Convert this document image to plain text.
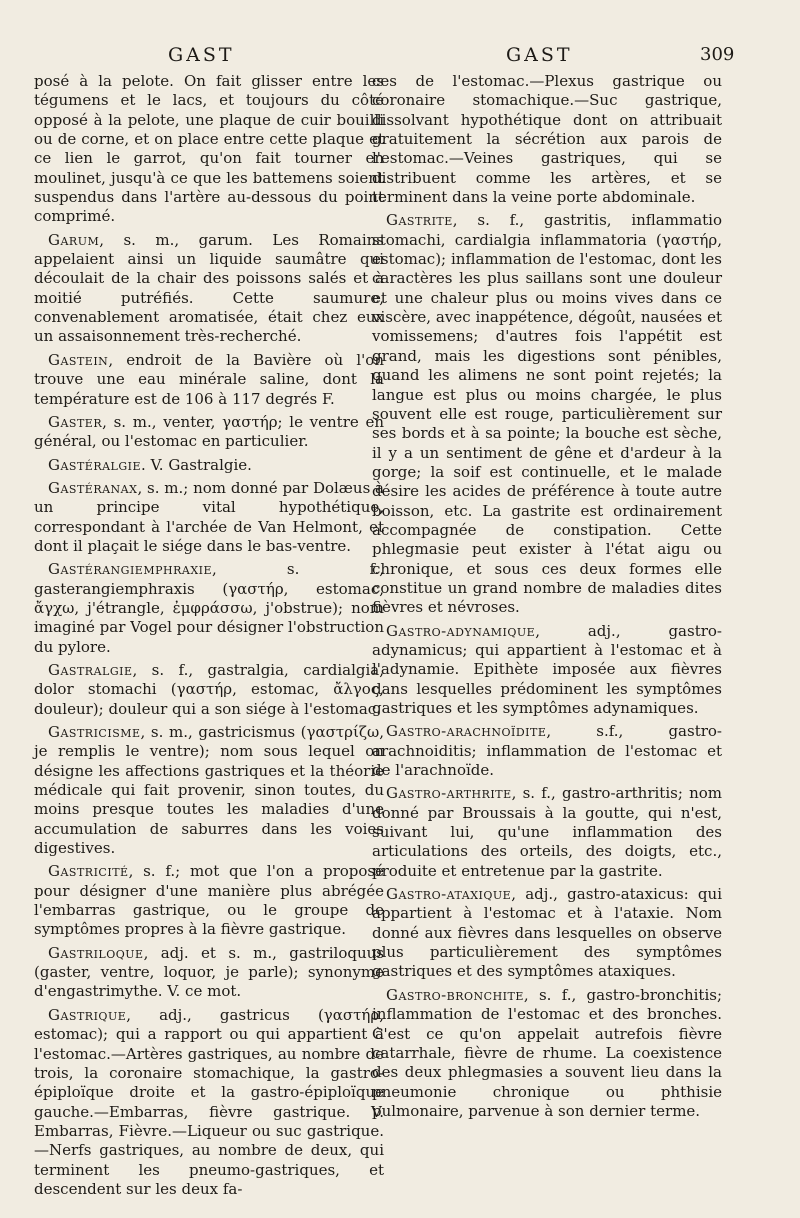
GAST	GAST	309

posé à la pelote. On fait glisser entre les tégumens et le lacs, et toujours du côté opposé à la pelote, une plaque de cuir bouilli ou de corne, et on place entre cette plaque et ce lien le garrot, qu'on fait tourner en moulinet, jusqu'à ce que les battemens soient suspendus dans l'artère au-dessous du point comprimé.

Garum, s. m., garum. Les Romains appelaient ainsi un liquide saumâtre qui découlait de la chair des poissons salés et à moitié putréfiés. Cette saumure, convenablement aromatisée, était chez eux un assaisonnement très-recherché.

Gastein, endroit de la Bavière où l'on trouve une eau minérale saline, dont la température est de 106 à 117 degrés F.

Gaster, s. m., venter, γαστήρ; le ventre en général, ou l'estomac en particulier.

Gastéralgie. V. Gastralgie.

Gastéranax, s. m.; nom donné par Dolæus à un principe vital hypothétique, correspondant à l'archée de Van Helmont, et dont il plaçait le siége dans le bas-ventre.

Gastérangiemphraxie, s. f., gasterangiemphraxis (γαστήρ, estomac, ἄγχω, j'étrangle, ἐμφράσσω, j'obstrue); nom imaginé par Vogel pour désigner l'obstruction du pylore.

Gastralgie, s. f., gastralgia, cardialgia, dolor stomachi (γαστήρ, estomac, ἄλγος, douleur); douleur qui a son siége à l'estomac.

Gastricisme, s. m., gastricismus (γαστρίζω, je remplis le ventre); nom sous lequel on désigne les affections gastriques et la théorie médicale qui fait provenir, sinon toutes, du moins presque toutes les maladies d'une accumulation de saburres dans les voies digestives.

Gastricité, s. f.; mot que l'on a proposé pour désigner d'une manière plus abrégée l'embarras gastrique, ou le groupe de symptômes propres à la fièvre gastrique.

Gastriloque, adj. et s. m., gastriloquus (gaster, ventre, loquor, je parle); synonyme d'engastrimythe. V. ce mot.

Gastrique, adj., gastricus (γαστήρ, estomac); qui a rapport ou qui appartient à l'estomac.—Artères gastriques, au nombre de trois, la coronaire stomachique, la gastro-épiploïque droite et la gastro-épiploïque gauche.—Embarras, fièvre gastrique. V. Embarras, Fièvre.—Liqueur ou suc gastrique.—Nerfs gastriques, au nombre de deux, qui terminent les pneumo-gastriques, et descendent sur les deux fa-

ces de l'estomac.—Plexus gastrique ou coronaire stomachique.—Suc gastrique, dissolvant hypothétique dont on attribuait gratuitement la sécrétion aux parois de l'estomac.—Veines gastriques, qui se distribuent comme les artères, et se terminent dans la veine porte abdominale.

Gastrite, s. f., gastritis, inflammatio stomachi, cardialgia inflammatoria (γαστήρ, estomac); inflammation de l'estomac, dont les caractères les plus saillans sont une douleur et une chaleur plus ou moins vives dans ce viscère, avec inappétence, dégoût, nausées et vomissemens; d'autres fois l'appétit est grand, mais les digestions sont pénibles, quand les alimens ne sont point rejetés; la langue est plus ou moins chargée, le plus souvent elle est rouge, particulièrement sur ses bords et à sa pointe; la bouche est sèche, il y a un sentiment de gêne et d'ardeur à la gorge; la soif est continuelle, et le malade désire les acides de préférence à toute autre boisson, etc. La gastrite est ordinairement accompagnée de constipation. Cette phlegmasie peut exister à l'état aigu ou chronique, et sous ces deux formes elle constitue un grand nombre de maladies dites fièvres et névroses.

Gastro-adynamique, adj., gastro-adynamicus; qui appartient à l'estomac et à l'adynamie. Epithète imposée aux fièvres dans lesquelles prédominent les symptômes gastriques et les symptômes adynamiques.

Gastro-arachnoïdite, s.f., gastro-arachnoiditis; inflammation de l'estomac et de l'arachnoïde.

Gastro-arthrite, s. f., gastro-arthritis; nom donné par Broussais à la goutte, qui n'est, suivant lui, qu'une inflammation des articulations des orteils, des doigts, etc., produite et entretenue par la gastrite.

Gastro-ataxique, adj., gastro-ataxicus: qui appartient à l'estomac et à l'ataxie. Nom donné aux fièvres dans lesquelles on observe plus particulièrement des symptômes gastriques et des symptômes ataxiques.

Gastro-bronchite, s. f., gastro-bronchitis; inflammation de l'estomac et des bronches. C'est ce qu'on appelait autrefois fièvre catarrhale, fièvre de rhume. La coexistence des deux phlegmasies a souvent lieu dans la pneumonie chronique ou phthisie pulmonaire, parvenue à son dernier terme.
